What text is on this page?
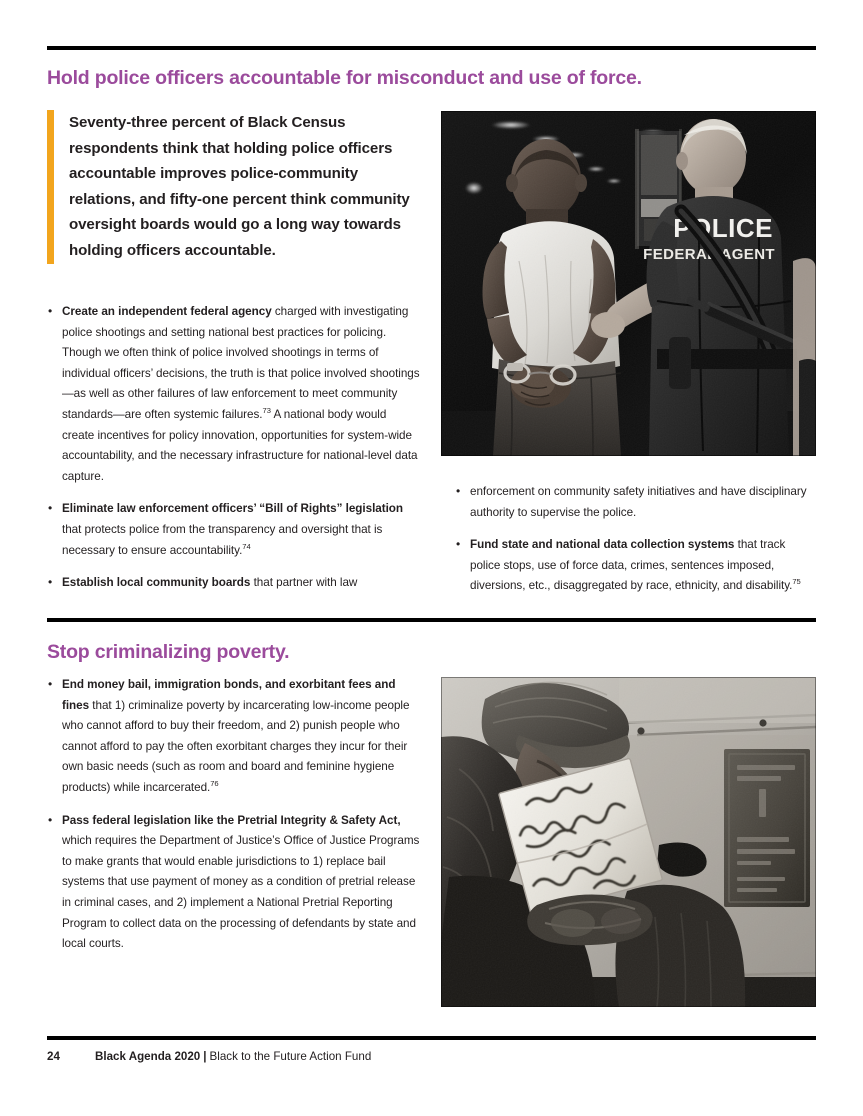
Hold police officers accountable for misconduct and use of force.
Seventy-three percent of Black Census respondents think that holding police officers accountable improves police-community relations, and fifty-one percent think community oversight boards would go a long way towards holding officers accountable.
• Create an independent federal agency charged with investigating police shootings and setting national best practices for policing. Though we often think of police involved shootings in terms of individual officers’ decisions, the truth is that police involved shootings—as well as other failures of law enforcement to meet community standards—are often systemic failures.$^{73}$ A national body would create incentives for policy innovation, opportunities for system-wide accountability, and the necessary infrastructure for national-level data capture.
• Eliminate law enforcement officers’ “Bill of Rights” legislation that protects police from the transparency and oversight that is necessary to ensure accountability.$^{74}$
• Establish local community boards that partner with law
• enforcement on community safety initiatives and have disciplinary authority to supervise the police.
• Fund state and national data collection systems that track police stops, use of force data, crimes, sentences imposed, diversions, etc., disaggregated by race, ethnicity, and disability.$^{75}$
Stop criminalizing poverty.
• End money bail, immigration bonds, and exorbitant fees and fines that 1) criminalize poverty by incarcerating low-income people who cannot afford to buy their freedom, and 2) punish people who cannot afford to pay the often exorbitant charges they incur for their own basic needs (such as room and board and feminine hygiene products) while incarcerated.$^{76}$
• Pass federal legislation like the Pretrial Integrity & Safety Act, which requires the Department of Justice’s Office of Justice Programs to make grants that would enable jurisdictions to 1) replace bail systems that use payment of money as a condition of pretrial release in criminal cases, and 2) implement a National Pretrial Reporting Program to collect data on the processing of defendants by state and local courts.
24	Black Agenda 2020 | Black to the Future Action Fund
